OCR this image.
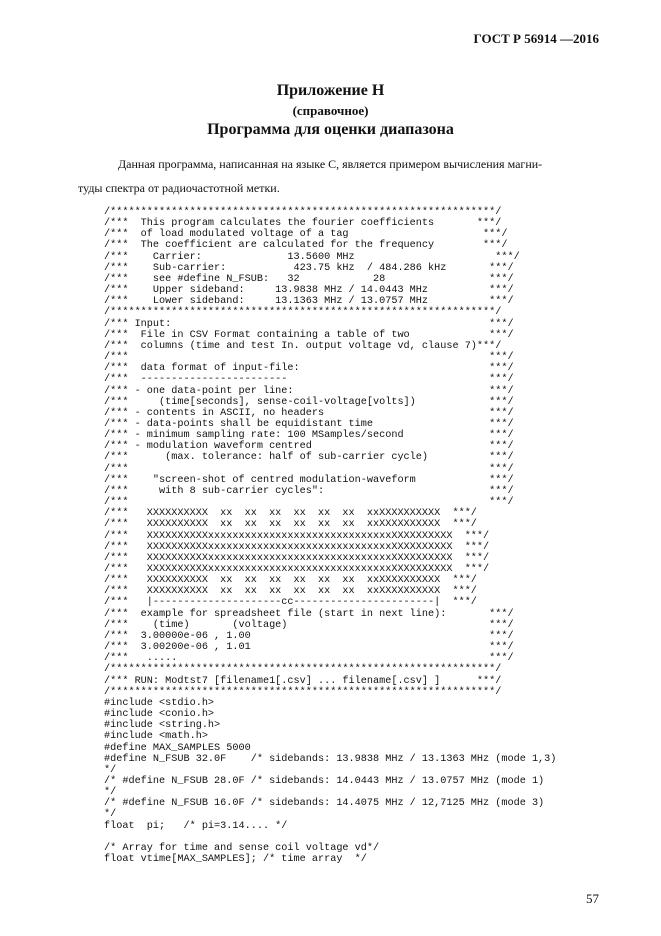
ГОСТ Р 56914 —2016
Приложение Н
(справочное)
Программа для оценки диапазона
Данная программа, написанная на языке С, является примером вычисления магни-
туды спектра от радиочастотной метки.
/***************************************************************/
/***  This program calculates the fourier coefficients       ***/
/***  of load modulated voltage of a tag                      ***/
/***  The coefficient are calculated for the frequency        ***/
/***    Carrier:              13.5600 MHz                       ***/
/***    Sub-carrier:           423.75 kHz  / 484.286 kHz       ***/
/***    see #define N_FSUB:   32            28                 ***/
/***    Upper sideband:     13.9838 MHz / 14.0443 MHz          ***/
/***    Lower sideband:     13.1363 MHz / 13.0757 MHz          ***/
/***************************************************************/
/*** Input:                                                    ***/
/***  File in CSV Format containing a table of two             ***/
/***  columns (time and test In. output voltage vd, clause 7)***/
/***                                                           ***/
/***  data format of input-file:                               ***/
/***  ------------------------                                 ***/
/*** - one data-point per line:                                ***/
/***     (time[seconds], sense-coil-voltage[volts])            ***/
/*** - contents in ASCII, no headers                           ***/
/*** - data-points shall be equidistant time                   ***/
/*** - minimum sampling rate: 100 MSamples/second              ***/
/*** - modulation waveform centred                             ***/
/***      (max. tolerance: half of sub-carrier cycle)          ***/
/***                                                           ***/
/***    "screen-shot of centred modulation-waveform            ***/
/***     with 8 sub-carrier cycles":                           ***/
/***                                                           ***/
/***   XXXXXXXXXX  xx  xx  xx  xx  xx  xx  xxXXXXXXXXXX  ***/
/***   XXXXXXXXXX  xx  xx  xx  xx  xx  xx  xxXXXXXXXXXX  ***/
/***   XXXXXXXXXXxxxxxxxxxxxxxxxxxxxxxxxxxxxxxxXXXXXXXXXX  ***/
/***   XXXXXXXXXXxxxxxxxxxxxxxxxxxxxxxxxxxxxxxxXXXXXXXXXX  ***/
/***   XXXXXXXXXXxxxxxxxxxxxxxxxxxxxxxxxxxxxxxxXXXXXXXXXX  ***/
/***   XXXXXXXXXXxxxxxxxxxxxxxxxxxxxxxxxxxxxxxxXXXXXXXXXX  ***/
/***   XXXXXXXXXX  xx  xx  xx  xx  xx  xx  xxXXXXXXXXXX  ***/
/***   XXXXXXXXXX  xx  xx  xx  xx  xx  xx  xxXXXXXXXXXX  ***/
/***   |---------------------cc-----------------------|  ***/
/***  example for spreadsheet file (start in next line):       ***/
/***    (time)       (voltage)                                 ***/
/***  3.00000e-06 , 1.00                                       ***/
/***  3.00200e-06 , 1.01                                       ***/
/***   .....                                                   ***/
/***************************************************************/
/*** RUN: Modtst7 [filename1[.csv] ... filename[.csv] ]      ***/
/***************************************************************/
#include <stdio.h>
#include <conio.h>
#include <string.h>
#include <math.h>
#define MAX_SAMPLES 5000
#define N_FSUB 32.0F    /* sidebands: 13.9838 MHz / 13.1363 MHz (mode 1,3)
*/
/* #define N_FSUB 28.0F /* sidebands: 14.0443 MHz / 13.0757 MHz (mode 1)
*/
/* #define N_FSUB 16.0F /* sidebands: 14.4075 MHz / 12,7125 MHz (mode 3)
*/
float  pi;   /* pi=3.14.... */

/* Array for time and sense coil voltage vd*/
float vtime[MAX_SAMPLES]; /* time array  */
57
